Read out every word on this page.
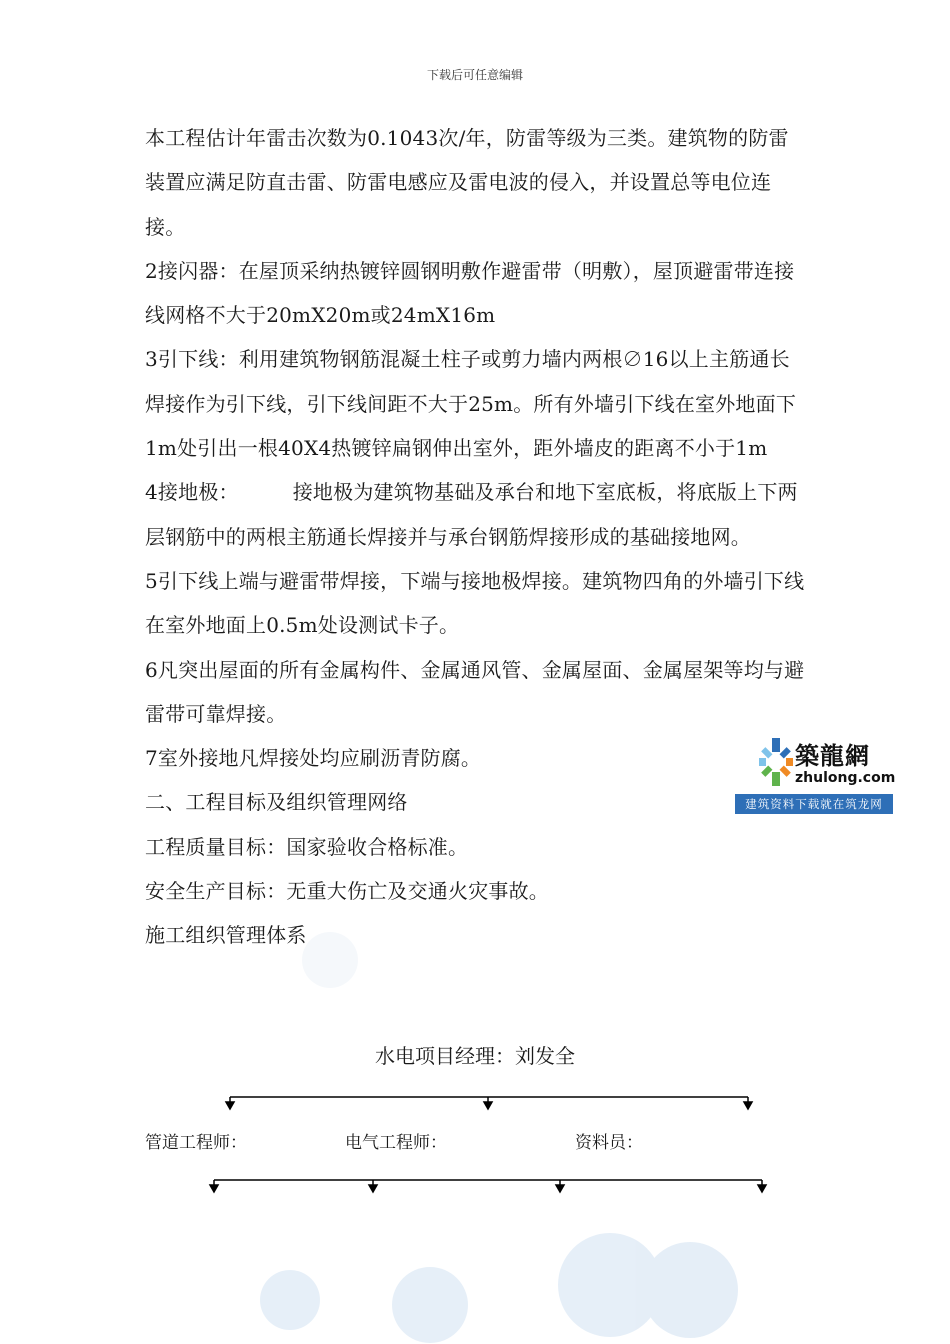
下载后可任意编辑

本工程估计年雷击次数为0.1043次/年，防雷等级为三类。建筑物的防雷装置应满足防直击雷、防雷电感应及雷电波的侵入，并设置总等电位连接。

2接闪器：在屋顶采纳热镀锌圆钢明敷作避雷带（明敷），屋顶避雷带连接线网格不大于20mX20m或24mX16m

3引下线：利用建筑物钢筋混凝土柱子或剪力墙内两根∅16以上主筋通长焊接作为引下线，引下线间距不大于25m。所有外墙引下线在室外地面下1m处引出一根40X4热镀锌扁钢伸出室外，距外墙皮的距离不小于1m

4接地极：	接地极为建筑物基础及承台和地下室底板，将底版上下两层钢筋中的两根主筋通长焊接并与承台钢筋焊接形成的基础接地网。

5引下线上端与避雷带焊接，下端与接地极焊接。建筑物四角的外墙引下线在室外地面上0.5m处设测试卡子。

6凡突出屋面的所有金属构件、金属通风管、金属屋面、金属屋架等均与避雷带可靠焊接。

7室外接地凡焊接处均应刷沥青防腐。

二、工程目标及组织管理网络

工程质量目标：国家验收合格标准。

安全生产目标：无重大伤亡及交通火灾事故。

施工组织管理体系

水电项目经理：刘发全
管道工程师：	电气工程师：	资料员：
築龍網
zhulong.com
建筑资料下载就在筑龙网
